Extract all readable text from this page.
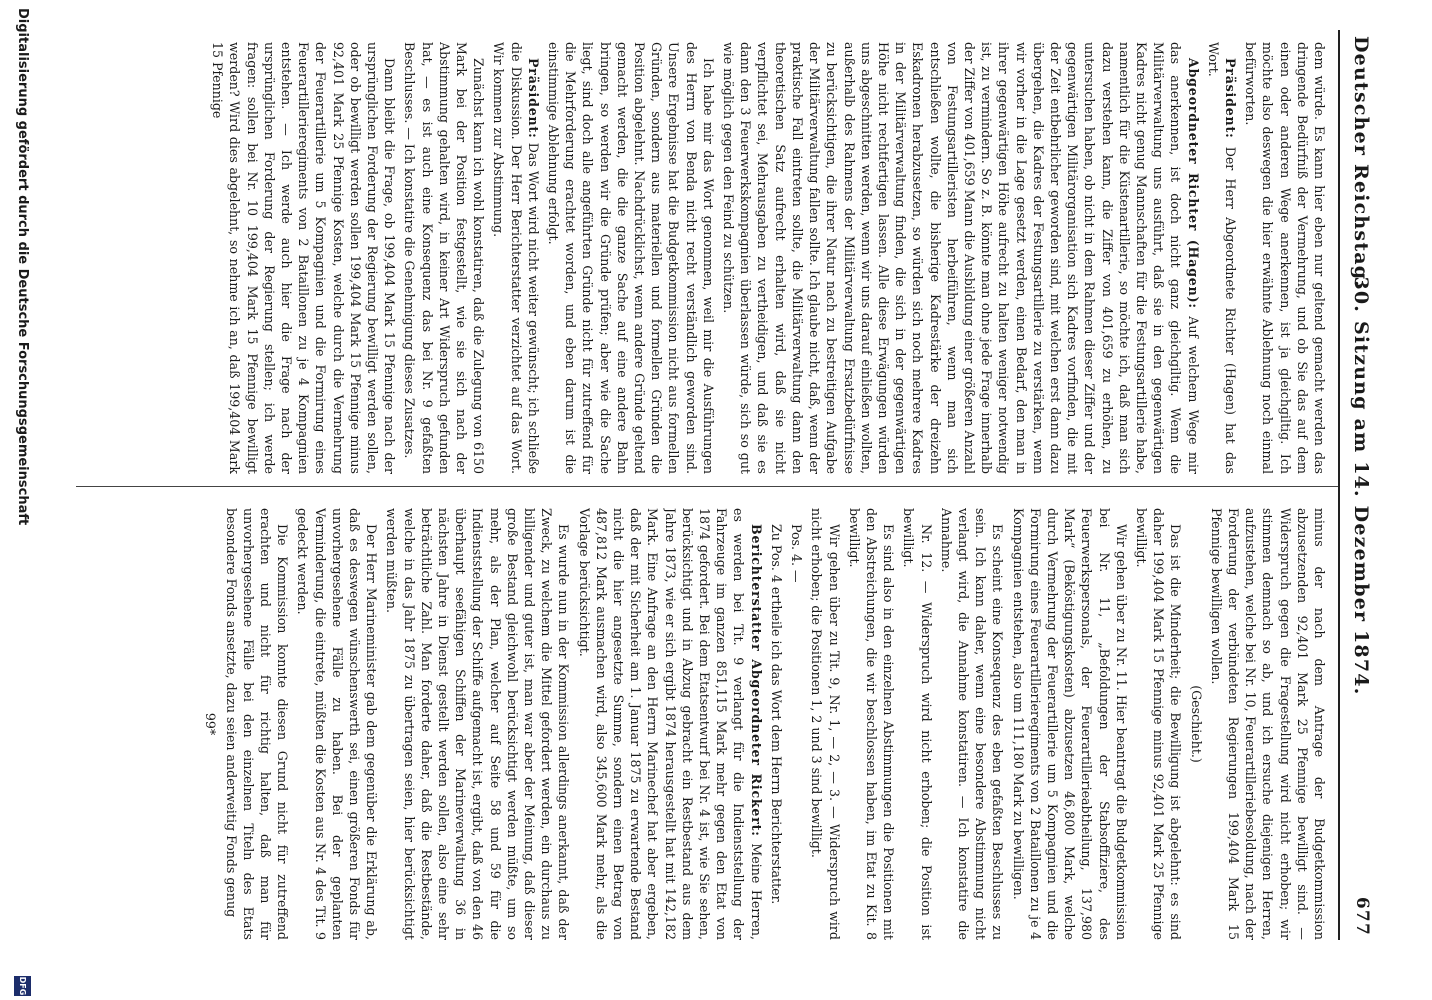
Deutscher Reichstag.
30. Sitzung am 14. Dezember 1874.
677

dem würde. Es kann hier eben nur geltend gemacht werden das dringende Bedürfniß der Vermehrung, und ob Sie das auf dem einen oder anderen Wege anerkennen, ist ja gleichgiltig. Ich möchte also deswegen die hier erwähnte Ablehnung noch einmal befürworten.

Präsident: Der Herr Abgeordnete Richter (Hagen) hat das Wort.

Abgeordneter Richter (Hagen): Auf welchem Wege mir das anerkennen, ist doch nicht ganz gleichgiltig. Wenn die Militärverwaltung uns ausführt, daß sie in den gegenwärtigen Kadres nicht genug Mannschaften für die Festungsartillerie habe, namentlich für die Küstenartillerie, so möchte ich, daß man sich dazu verstehen kann, die Ziffer von 401,659 zu erhöhen, zu untersuchen haben, ob nicht in dem Rahmen dieser Ziffer und der gegenwärtigen Militärorganisation sich Kadres vorfinden, die mit der Zeit entbehrlicher geworden sind, mit welchen erst dann dazu übergehen, die Kadres der Festungsartillerie zu verstärken, wenn wir vorher in die Lage gesetzt werden, einen Bedarf, den man in ihrer gegenwärtigen Höhe aufrecht zu halten weniger notwendig ist, zu vermindern. So z. B. könnte man ohne jede Frage innerhalb der Ziffer von 401,659 Mann die Ausbildung einer größeren Anzahl von Festungsartilleristen herbeiführen, wenn man sich entschließen wollte, die bisherige Kadrestärke der dreizehn Eskadronen herabzusetzen, so würden sich noch mehrere Kadres in der Militärverwaltung finden, die sich in der gegenwärtigen Höhe nicht rechtfertigen lassen. Alle diese Erwägungen würden uns abgeschnitten werden, wenn wir uns darauf einließen wollten, außerhalb des Rahmens der Militärverwaltung Ersatzbedürfnisse zu berücksichtigen, die ihrer Natur nach zu bestreitigen Aufgabe der Militärverwaltung fallen sollte. Ich glaube nicht, daß, wenn der praktische Fall eintreten sollte, die Militärverwaltung dann den theoretischen Satz aufrecht erhalten wird, daß sie nicht verpflichtet sei, Mehrausgaben zu vertheidigen, und daß sie es dann den 3 Feuerwerkskompagnien überlassen würde, sich so gut wie möglich gegen den Feind zu schützen.

Ich habe mir das Wort genommen, weil mir die Ausführungen des Herrn von Benda nicht recht verständlich geworden sind. Unsere Ergebnisse hat die Budgetkommission nicht aus formellen Gründen, sondern aus materiellen und formellen Gründen die Position abgelehnt. Nachdrücklichst, wenn andere Gründe geltend gemacht werden, die die ganze Sache auf eine andere Bahn bringen, so werden wir die Gründe prüfen; aber wie die Sache liegt, sind doch alle angeführten Gründe nicht für zutreffend für die Mehrforderung erachtet worden, und eben darum ist die einstimmige Ablehnung erfolgt.

Präsident: Das Wort wird nicht weiter gewünscht; ich schließe die Diskussion. Der Herr Berichterstatter verzichtet auf das Wort. Wir kommen zur Abstimmung.

Zunächst kann ich wohl konstatiren, daß die Zulegung von 6150 Mark bei der Position festgestellt, wie sie sich nach der Abstimmung gehalten wird, in keiner Art Widerspruch gefunden hat, — es ist auch eine Konsequenz das bei Nr. 9 gefaßten Beschlusses. — Ich konstatire die Genehmigung dieses Zusatzes.

Dann bleibt die Frage, ob 199,404 Mark 15 Pfennige nach der ursprünglichen Forderung der Regierung bewilligt werden sollen, oder ob bewilligt werden sollen 199,404 Mark 15 Pfennige minus 92,401 Mark 25 Pfennige Kosten, welche durch die Vermehrung der Feuerartillerie um 5 Kompagnien und die Formirung eines Feuerartillerieregiments von 2 Bataillonen zu je 4 Kompagnien entstehen. — Ich werde auch hier die Frage nach der ursprünglichen Forderung der Regierung stellen; ich werde fragen: sollen bei Nr. 10 199,404 Mark 15 Pfennige bewilligt werden? Wird dies abgelehnt, so nehme ich an, daß 199,404 Mark 15 Pfennige

minus der nach dem Antrage der Budgetkommission abzusetzenden 92,401 Mark 25 Pfennige bewilligt sind. — Widerspruch gegen die Fragestellung wird nicht erhoben; wir stimmen demnach so ab, und ich ersuche diejenigen Herren, aufzustehen, welche bei Nr. 10, Feuerartilleriebesoldung, nach der Forderung der verbündeten Regierungen 199,404 Mark 15 Pfennige bewilligen wollen.

(Geschieht.)

Das ist die Minderheit; die Bewilligung ist abgelehnt: es sind daher 199,404 Mark 15 Pfennige minus 92,401 Mark 25 Pfennige bewilligt.

Wir gehen über zu Nr. 11. Hier beantragt die Budgetkommission bei Nr. 11, „Befoldungen der Stabsoffiziere, des Feuerwerkspersonals, der Feuerartillerieabtheilung, 137,980 Mark“ (Beköstigungskosten) abzusetzen 46,800 Mark, welche durch Vermehrung der Feuerartillerie um 5 Kompagnien und die Formirung eines Feuerartillerieregiments von 2 Bataillonen zu je 4 Kompagnien entstehen, also um 111,180 Mark zu bewilligen.

Es scheint eine Konsequenz des eben gefaßten Beschlusses zu sein. Ich kann daher, wenn eine besondere Abstimmung nicht verlangt wird, die Annahme konstatiren. — Ich konstatire die Annahme.

Nr. 12. — Widerspruch wird nicht erhoben; die Position ist bewilligt.

Es sind also in den einzelnen Abstimmungen die Positionen mit den Abstreichungen, die wir beschlossen haben, im Etat zu Kit. 8 bewilligt.

Wir gehen über zu Tit. 9, Nr. 1, — 2, — 3. — Widerspruch wird nicht erhoben; die Positionen 1, 2 und 3 sind bewilligt.

Pos. 4. —

Zu Pos. 4 ertheile ich das Wort dem Herrn Berichterstatter.

Berichterstatter Abgeordneter Rickert: Meine Herren, es werden bei Tit. 9 verlangt für die Indienststellung der Fahrzeuge im ganzen 851,115 Mark mehr gegen den Etat von 1874 gefordert. Bei dem Etatsentwurf bei Nr. 4 ist, wie Sie sehen, berücksichtigt und in Abzug gebracht ein Restbestand aus dem Jahre 1873, wie er sich ergibt 1874 herausgestellt hat mit 142,182 Mark. Eine Anfrage an den Herrn Marinechef hat aber ergeben, daß der mit Sicherheit am 1. Januar 1875 zu erwartende Bestand nicht die hier angesetzte Summe, sondern einen Betrag von 487,812 Mark ausmachen wird, also 345,600 Mark mehr, als die Vorlage berücksichtigt.

Es wurde nun in der Kommission allerdings anerkannt, daß der Zweck, zu welchem die Mittel gefordert werden, ein durchaus zu billigender und guter ist, man war aber der Meinung, daß dieser große Bestand gleichwohl berücksichtigt werden müßte, um so mehr, als der Plan, welcher auf Seite 58 und 59 für die Indienststellung der Schiffe aufgemacht ist, ergibt, daß von den 46 überhaupt seefähigen Schiffen der Marineverwaltung 36 in nächsten Jahre in Dienst gestellt werden sollen, also eine sehr beträchtliche Zahl. Man forderte daher, daß die Restbestände, welche in das Jahr 1875 zu übertragen seien, hier berücksichtigt werden müßten.

Der Herr Marineminister gab dem gegenüber die Erklärung ab, daß es deswegen wünschenswerth sei, einen größeren Fonds für unvorhergesehene Fälle zu haben. Bei der geplanten Verminderung, die eintrete, müßten die Kosten aus Nr. 4 des Tit. 9 gedeckt werden.

Die Kommission konnte diesen Grund nicht für zutreffend erachten und nicht für richtig halten, daß man für unvorhergesehene Fälle bei den einzelnen Titeln des Etats besondere Fonds ansetzte, dazu seien anderweitig Fonds genug

99*

Digitalisierung gefördert durch die Deutsche Forschungsgemeinschaft
DFG
